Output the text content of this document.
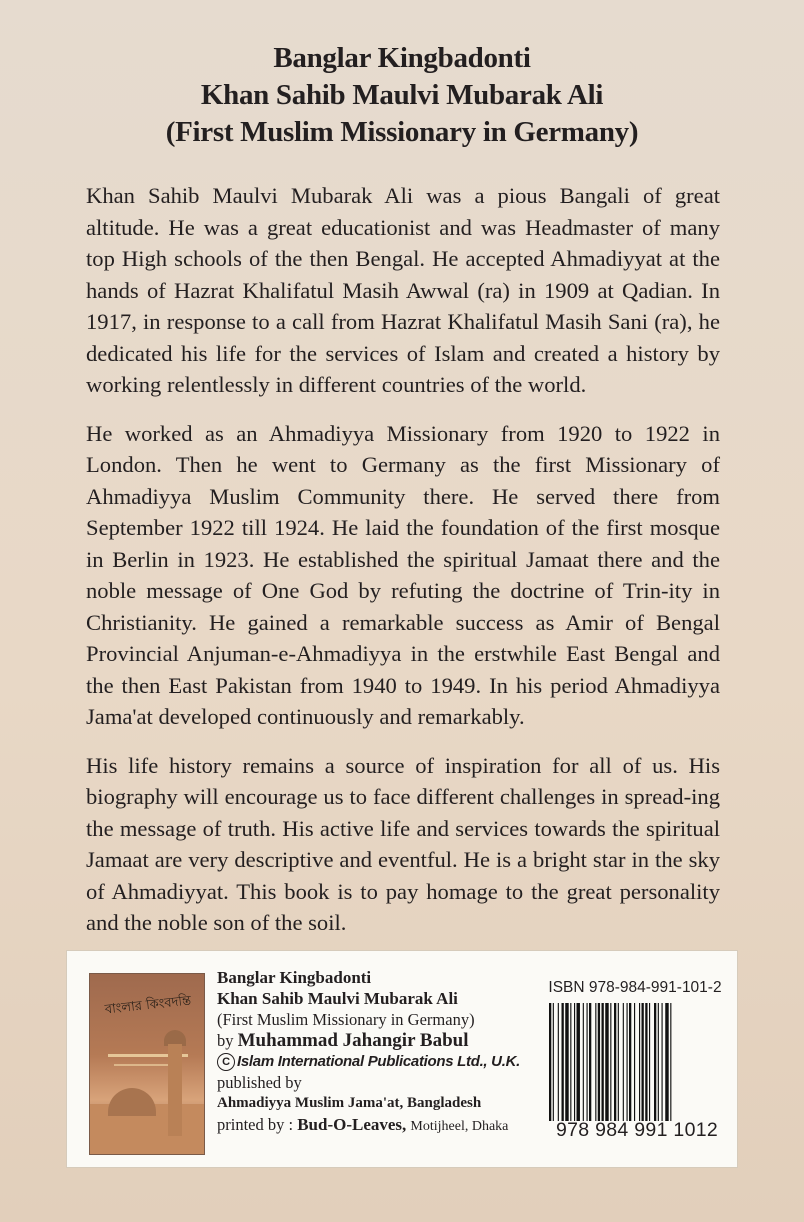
Banglar Kingbadonti
Khan Sahib Maulvi Mubarak Ali
(First Muslim Missionary in Germany)

Khan Sahib Maulvi Mubarak Ali was a pious Bangali of great altitude. He was a great educationist and was Headmaster of many top High schools of the then Bengal. He accepted Ahmadiyyat at the hands of Hazrat Khalifatul Masih Awwal (ra) in 1909 at Qadian. In 1917, in response to a call from Hazrat Khalifatul Masih Sani (ra), he dedicated his life for the services of Islam and created a history by working relentlessly in different countries of the world.

He worked as an Ahmadiyya Missionary from 1920 to 1922 in London. Then he went to Germany as the first Missionary of Ahmadiyya Muslim Community there. He served there from September 1922 till 1924. He laid the foundation of the first mosque in Berlin in 1923. He established the spiritual Jamaat there and the noble message of One God by refuting the doctrine of Trin-ity in Christianity. He gained a remarkable success as Amir of Bengal Provincial Anjuman-e-Ahmadiyya in the erstwhile East Bengal and the then East Pakistan from 1940 to 1949. In his period Ahmadiyya Jama'at developed continuously and remarkably.

His life history remains a source of inspiration for all of us. His biography will encourage us to face different challenges in spread-ing the message of truth. His active life and services towards the spiritual Jamaat are very descriptive and eventful. He is a bright star in the sky of Ahmadiyyat. This book is to pay homage to the great personality and the noble son of the soil.

বাংলার কিংবদন্তি
Banglar Kingbadonti
Khan Sahib Maulvi Mubarak Ali
(First Muslim Missionary in Germany)
by Muhammad Jahangir Babul
C Islam International Publications Ltd., U.K.
published by
Ahmadiyya Muslim Jama'at, Bangladesh
printed by : Bud-O-Leaves, Motijheel, Dhaka
ISBN 978-984-991-101-2
978 984 991 1012
